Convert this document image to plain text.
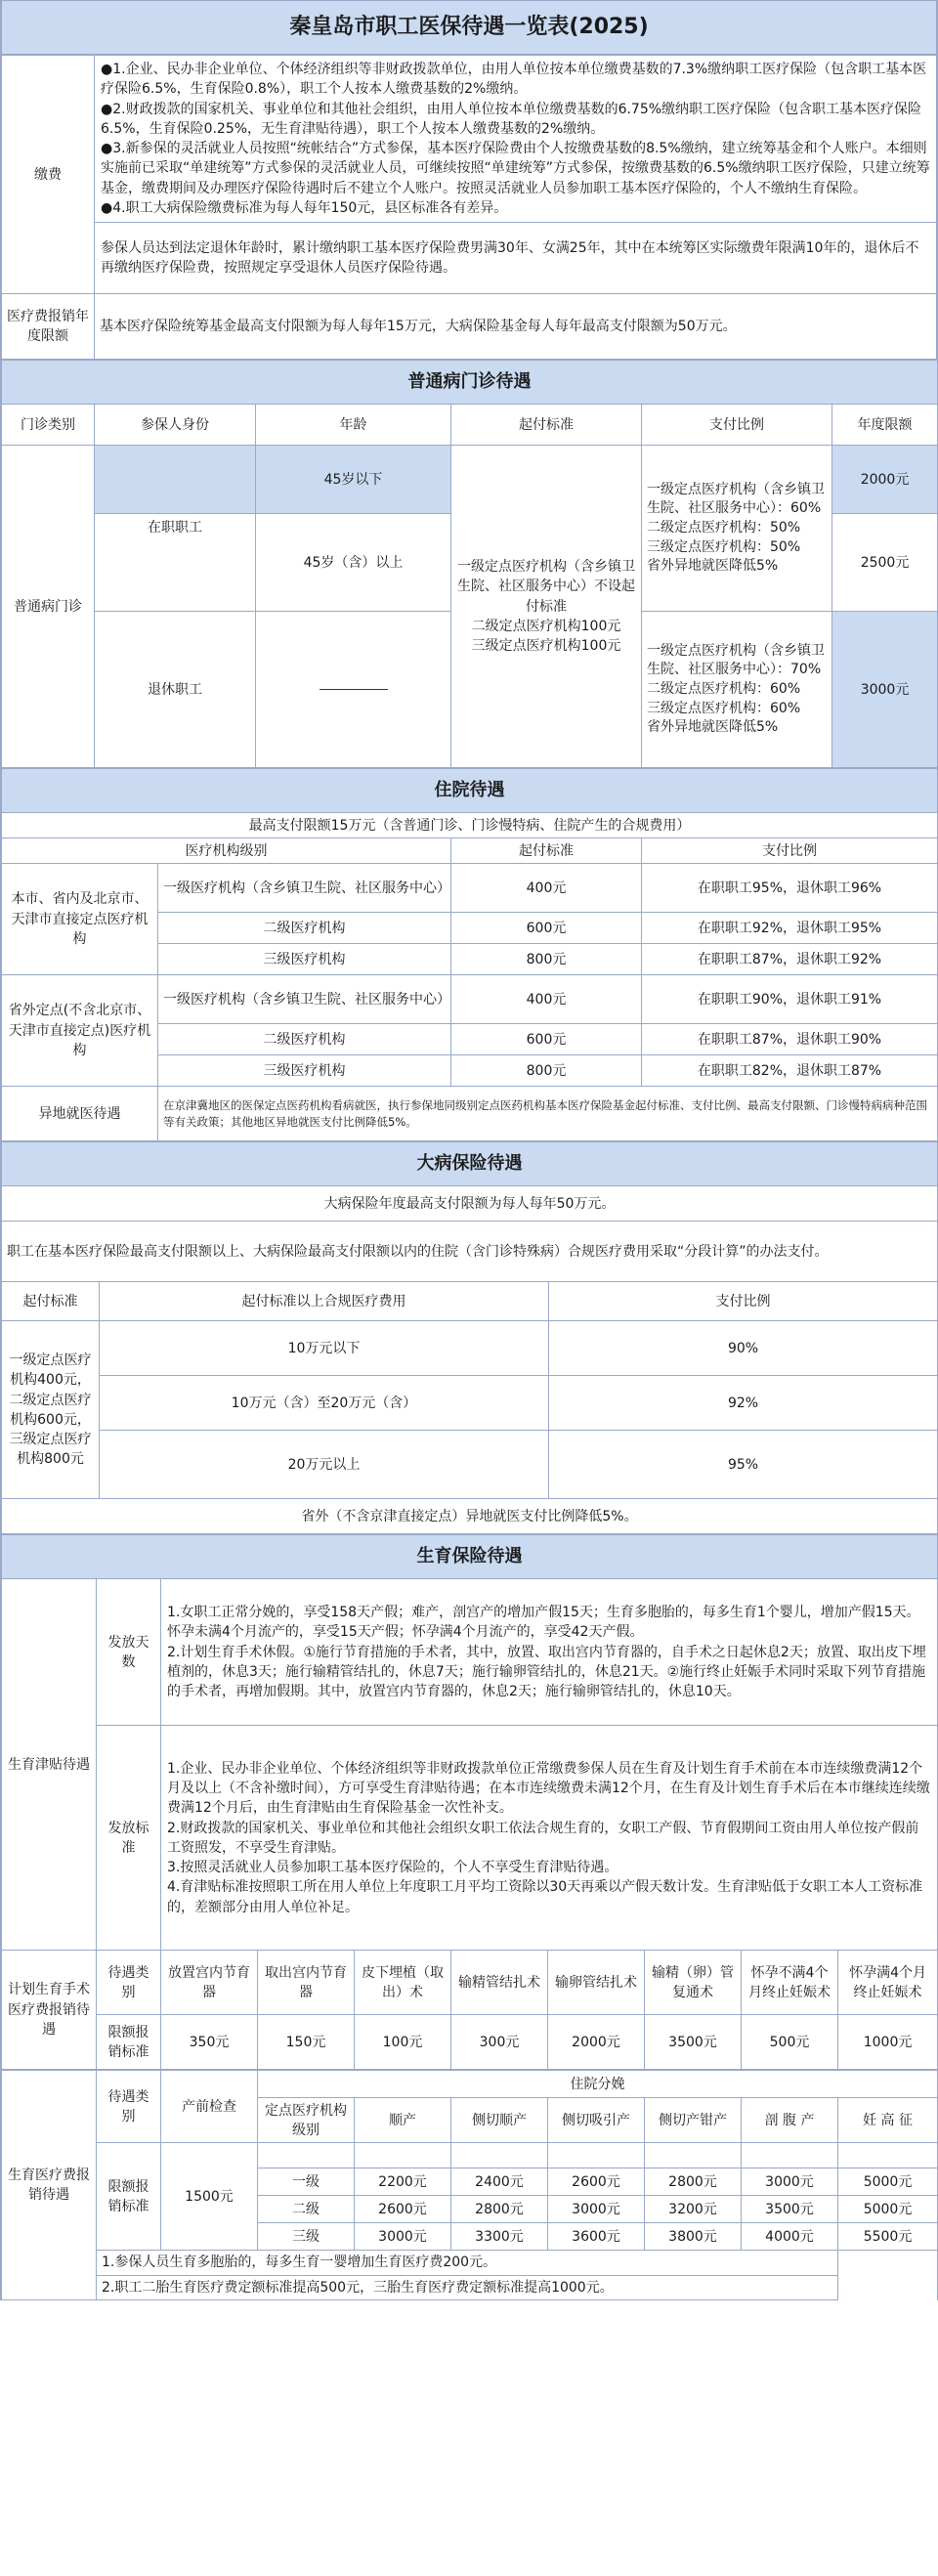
秦皇岛市职工医保待遇一览表(2025)
缴费	●1.企业、民办非企业单位、个体经济组织等非财政拨款单位，由用人单位按本单位缴费基数的7.3%缴纳职工医疗保险（包含职工基本医疗保险6.5%，生育保险0.8%），职工个人按本人缴费基数的2%缴纳。
●2.财政拨款的国家机关、事业单位和其他社会组织，由用人单位按本单位缴费基数的6.75%缴纳职工医疗保险（包含职工基本医疗保险6.5%，生育保险0.25%，无生育津贴待遇），职工个人按本人缴费基数的2%缴纳。
●3.新参保的灵活就业人员按照“统帐结合”方式参保，基本医疗保险费由个人按缴费基数的8.5%缴纳，建立统筹基金和个人账户。本细则实施前已采取“单建统筹”方式参保的灵活就业人员，可继续按照“单建统筹”方式参保，按缴费基数的6.5%缴纳职工医疗保险，只建立统筹基金，缴费期间及办理医疗保险待遇时后不建立个人账户。按照灵活就业人员参加职工基本医疗保险的，个人不缴纳生育保险。
●4.职工大病保险缴费标准为每人每年150元，县区标准各有差异。

	参保人员达到法定退休年龄时，累计缴纳职工基本医疗保险费男满30年、女满25年，其中在本统筹区实际缴费年限满10年的，退休后不再缴纳医疗保险费，按照规定享受退休人员医疗保险待遇。
医疗费报销年度限额	基本医疗保险统筹基金最高支付限额为每人每年15万元，大病保险基金每人每年最高支付限额为50万元。
普通病门诊待遇					
门诊类别	参保人身份	年龄	起付标准	支付比例	年度限额
普通病门诊		45岁以下	一级定点医疗机构（含乡镇卫生院、社区服务中心）不设起付标准
二级定点医疗机构100元
三级定点医疗机构100元	一级定点医疗机构（含乡镇卫生院、社区服务中心）：60%
二级定点医疗机构：50%
三级定点医疗机构：50%
省外异地就医降低5%	2000元
	在职职工	45岁（含）以上			2500元
	退休职工			一级定点医疗机构（含乡镇卫生院、社区服务中心）：70%
二级定点医疗机构：60%
三级定点医疗机构：60%
省外异地就医降低5%	3000元
住院待遇			
最高支付限额15万元（含普通门诊、门诊慢特病、住院产生的合规费用）			
医疗机构级别		起付标准	支付比例
本市、省内及北京市、天津市直接定点医疗机构	一级医疗机构（含乡镇卫生院、社区服务中心）	400元	在职职工95%，退休职工96%
	二级医疗机构	600元	在职职工92%，退休职工95%
	三级医疗机构	800元	在职职工87%，退休职工92%
省外定点(不含北京市、天津市直接定点)医疗机构	一级医疗机构（含乡镇卫生院、社区服务中心）	400元	在职职工90%，退休职工91%
	二级医疗机构	600元	在职职工87%，退休职工90%
	三级医疗机构	800元	在职职工82%，退休职工87%
异地就医待遇	在京津冀地区的医保定点医药机构看病就医，执行参保地同级别定点医药机构基本医疗保险基金起付标准、支付比例、最高支付限额、门诊慢特病病种范围等有关政策；其他地区异地就医支付比例降低5%。		
大病保险待遇		
大病保险年度最高支付限额为每人每年50万元。		
职工在基本医疗保险最高支付限额以上、大病保险最高支付限额以内的住院（含门诊特殊病）合规医疗费用采取“分段计算”的办法支付。		
起付标准	起付标准以上合规医疗费用	支付比例
一级定点医疗机构400元，二级定点医疗机构600元，三级定点医疗机构800元	10万元以下	90%
	10万元（含）至20万元（含）	92%
	20万元以上	95%
省外（不含京津直接定点）异地就医支付比例降低5%。		
生育保险待遇									
生育津贴待遇	发放天数	1.女职工正常分娩的，享受158天产假；难产，剖宫产的增加产假15天；生育多胞胎的，每多生育1个婴儿，增加产假15天。怀孕未满4个月流产的，享受15天产假；怀孕满4个月流产的，享受42天产假。
2.计划生育手术休假。①施行节育措施的手术者，其中，放置、取出宫内节育器的，自手术之日起休息2天；放置、取出皮下埋植剂的，休息3天；施行输精管结扎的，休息7天；施行输卵管结扎的，休息21天。②施行终止妊娠手术同时采取下列节育措施的手术者，再增加假期。其中，放置宫内节育器的，休息2天；施行输卵管结扎的，休息10天。							
	发放标准	1.企业、民办非企业单位、个体经济组织等非财政拨款单位正常缴费参保人员在生育及计划生育手术前在本市连续缴费满12个月及以上（不含补缴时间），方可享受生育津贴待遇；在本市连续缴费未满12个月，在生育及计划生育手术后在本市继续连续缴费满12个月后，由生育津贴由生育保险基金一次性补支。
2.财政拨款的国家机关、事业单位和其他社会组织女职工依法合规生育的，女职工产假、节育假期间工资由用人单位按产假前工资照发，不享受生育津贴。
3.按照灵活就业人员参加职工基本医疗保险的，个人不享受生育津贴待遇。
4.育津贴标准按照职工所在用人单位上年度职工月平均工资除以30天再乘以产假天数计发。生育津贴低于女职工本人工资标准的，差额部分由用人单位补足。							
计划生育手术医疗费报销待遇	待遇类别	放置宫内节育器	取出宫内节育器	皮下埋植（取出）术	输精管结扎术	输卵管结扎术	输精（卵）管复通术	怀孕不满4个月终止妊娠术	怀孕满4个月终止妊娠术
	限额报销标准	350元	150元	100元	300元	2000元	3500元	500元	1000元
生育医疗费报销待遇	待遇类别	产前检查	住院分娩						
			定点医疗机构级别	顺产	侧切顺产	侧切吸引产	侧切产钳产	剖 腹 产	妊 高 征
	限额报销标准	1500元							
			一级	2200元	2400元	2600元	2800元	3000元	5000元
			二级	2600元	2800元	3000元	3200元	3500元	5000元
			三级	3000元	3300元	3600元	3800元	4000元	5500元
	1.参保人员生育多胞胎的，每多生育一婴增加生育医疗费200元。								
	2.职工二胎生育医疗费定额标准提高500元，三胎生育医疗费定额标准提高1000元。								
